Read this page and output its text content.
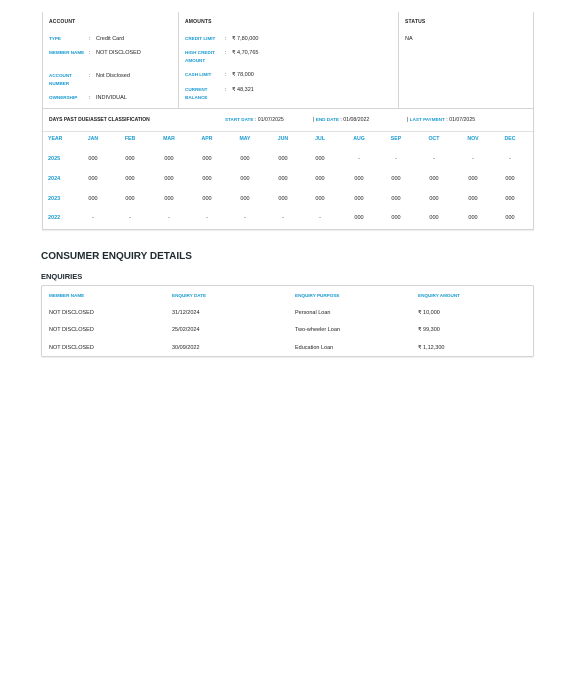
ACCOUNT
TYPE	: Credit Card
MEMBER NAME : NOT DISCLOSED
ACCOUNT NUMBER
: Not Disclosed
OWNERSHIP	: INDIVIDUAL
AMOUNTS
CREDIT LIMIT	: ₹ 7,80,000
HIGH CREDIT AMOUNT
: ₹ 4,70,765
CASH LIMIT	: ₹ 78,000
CURRENT BALANCE
: ₹ 48,321
STATUS
NA
DAYS PAST DUE/ASSET CLASSIFICATION	START DATE : 01/07/2025	| END DATE : 01/08/2022	| LAST PAYMENT : 01/07/2025
YEAR	JAN	FEB	MAR	APR	MAY	JUN	JUL	AUG	SEP	OCT	NOV	DEC
2025	000	000	000	000	000	000	000	-	-	-	-	-
2024	000	000	000	000	000	000	000	000	000	000	000	000
2023	000	000	000	000	000	000	000	000	000	000	000	000
2022	-	-	-	-	-	-	-	000	000	000	000	000
CONSUMER ENQUIRY DETAILS
ENQUIRIES
MEMBER NAME	ENQUIRY DATE	ENQUIRY PURPOSE	ENQUIRY AMOUNT
NOT DISCLOSED	31/12/2024	Personal Loan	₹ 10,000
NOT DISCLOSED	25/02/2024	Two-wheeler Loan	₹ 99,300
NOT DISCLOSED	30/09/2022	Education Loan	₹ 1,12,300
